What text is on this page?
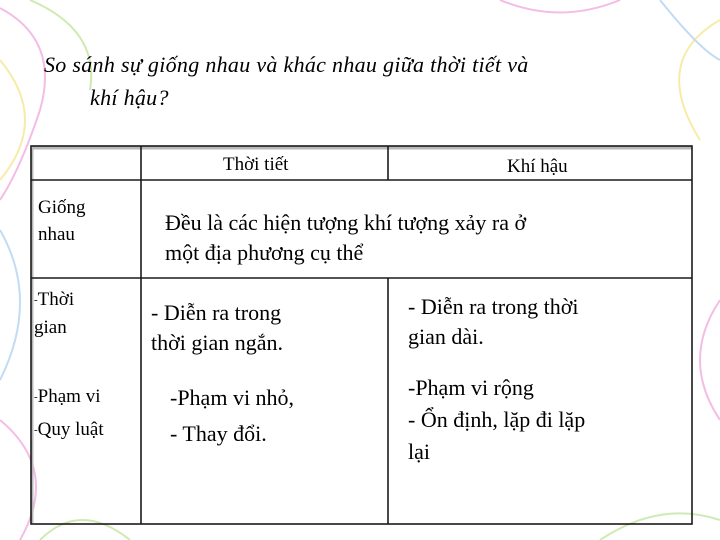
So sánh sự giống nhau và khác nhau giữa thời tiết và
khí hậu?
Thời tiết	Khí hậu
Giống
nhau	Đều là các hiện tượng khí tượng xảy ra ở
một địa phương cụ thể
-Thời
gian
- Diễn ra trong
thời gian ngắn.
- Diễn ra trong thời
gian dài.
-Phạm vi
-Quy luật
-Phạm vi nhỏ,
- Thay đổi.
-Phạm vi rộng
- Ổn định, lặp đi lặp
lại
